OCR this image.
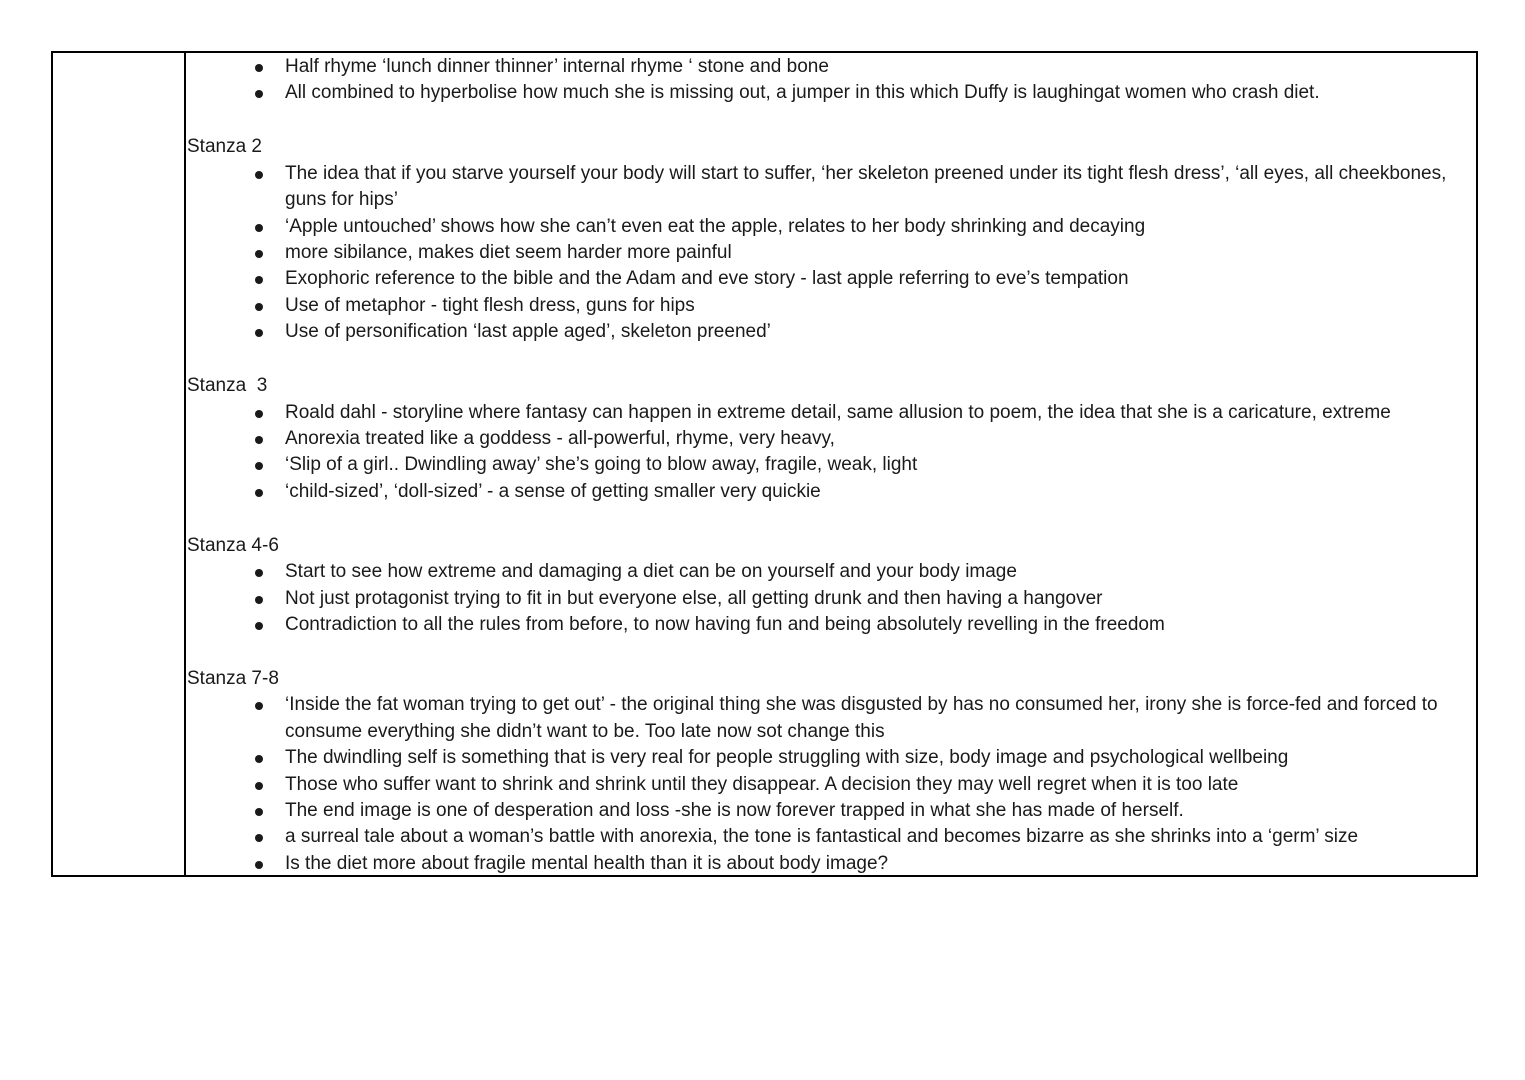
Half rhyme ‘lunch dinner thinner’ internal rhyme ‘ stone and bone
All combined to hyperbolise how much she is missing out, a jumper in this which Duffy is laughingat women who crash diet.
Stanza 2
The idea that if you starve yourself your body will start to suffer, ‘her skeleton preened under its tight flesh dress’, ‘all eyes, all cheekbones, guns for hips’
‘Apple untouched’ shows how she can’t even eat the apple, relates to her body shrinking and decaying
more sibilance, makes diet seem harder more painful
Exophoric reference to the bible and the Adam and eve story - last apple referring to eve’s tempation
Use of metaphor - tight flesh dress, guns for hips
Use of personification ‘last apple aged’, skeleton preened’
Stanza  3
Roald dahl - storyline where fantasy can happen in extreme detail, same allusion to poem, the idea that she is a caricature, extreme
Anorexia treated like a goddess - all-powerful, rhyme, very heavy,
‘Slip of a girl.. Dwindling away’ she’s going to blow away, fragile, weak, light
‘child-sized’, ‘doll-sized’ - a sense of getting smaller very quickie
Stanza 4-6
Start to see how extreme and damaging a diet can be on yourself and your body image
Not just protagonist trying to fit in but everyone else, all getting drunk and then having a hangover
Contradiction to all the rules from before, to now having fun and being absolutely revelling in the freedom
Stanza 7-8
‘Inside the fat woman trying to get out’ - the original thing she was disgusted by has no consumed her, irony she is force-fed and forced to consume everything she didn’t want to be. Too late now sot change this
The dwindling self is something that is very real for people struggling with size, body image and psychological wellbeing
Those who suffer want to shrink and shrink until they disappear. A decision they may well regret when it is too late
The end image is one of desperation and loss -she is now forever trapped in what she has made of herself.
a surreal tale about a woman’s battle with anorexia, the tone is fantastical and becomes bizarre as she shrinks into a ‘germ’ size
Is the diet more about fragile mental health than it is about body image?
